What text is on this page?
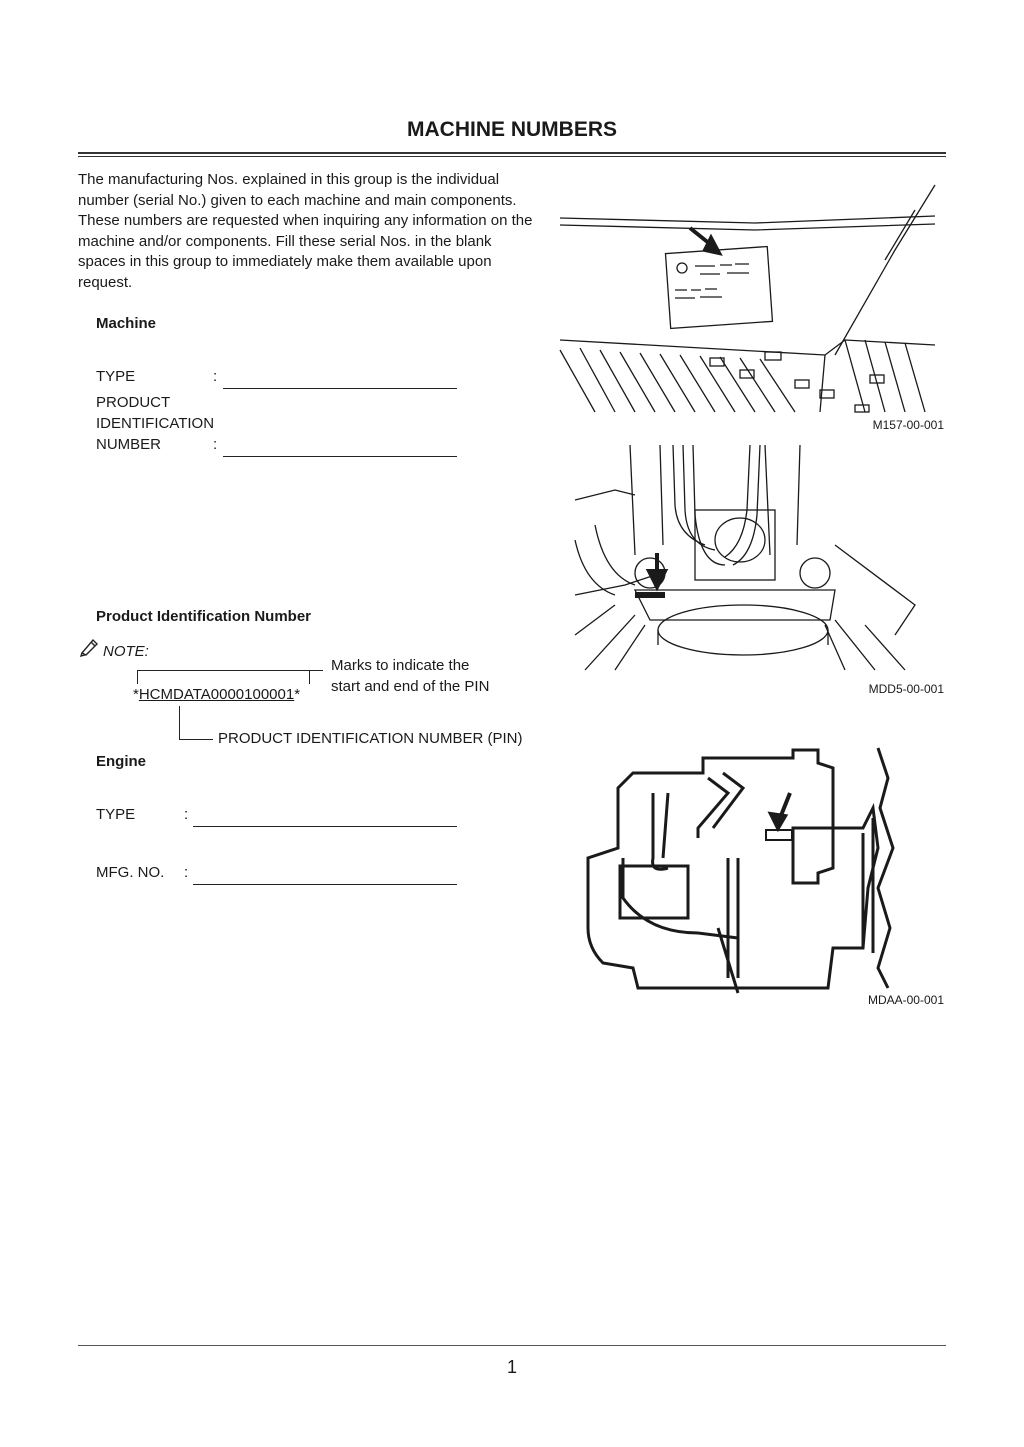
MACHINE NUMBERS
The manufacturing Nos. explained in this group is the individual number (serial No.) given to each machine and main components. These numbers are requested when inquiring any information on the machine and/or components. Fill these serial Nos. in the blank spaces in this group to immediately make them available upon request.
Machine
TYPE	:
PRODUCT
IDENTIFICATION
NUMBER	:
Product Identification Number
NOTE:
Marks to indicate the
start and end of the PIN
*HCMDATA0000100001*
PRODUCT IDENTIFICATION NUMBER (PIN)
Engine
TYPE	:
MFG. NO. :
M157-00-001
MDD5-00-001
MDAA-00-001
1
